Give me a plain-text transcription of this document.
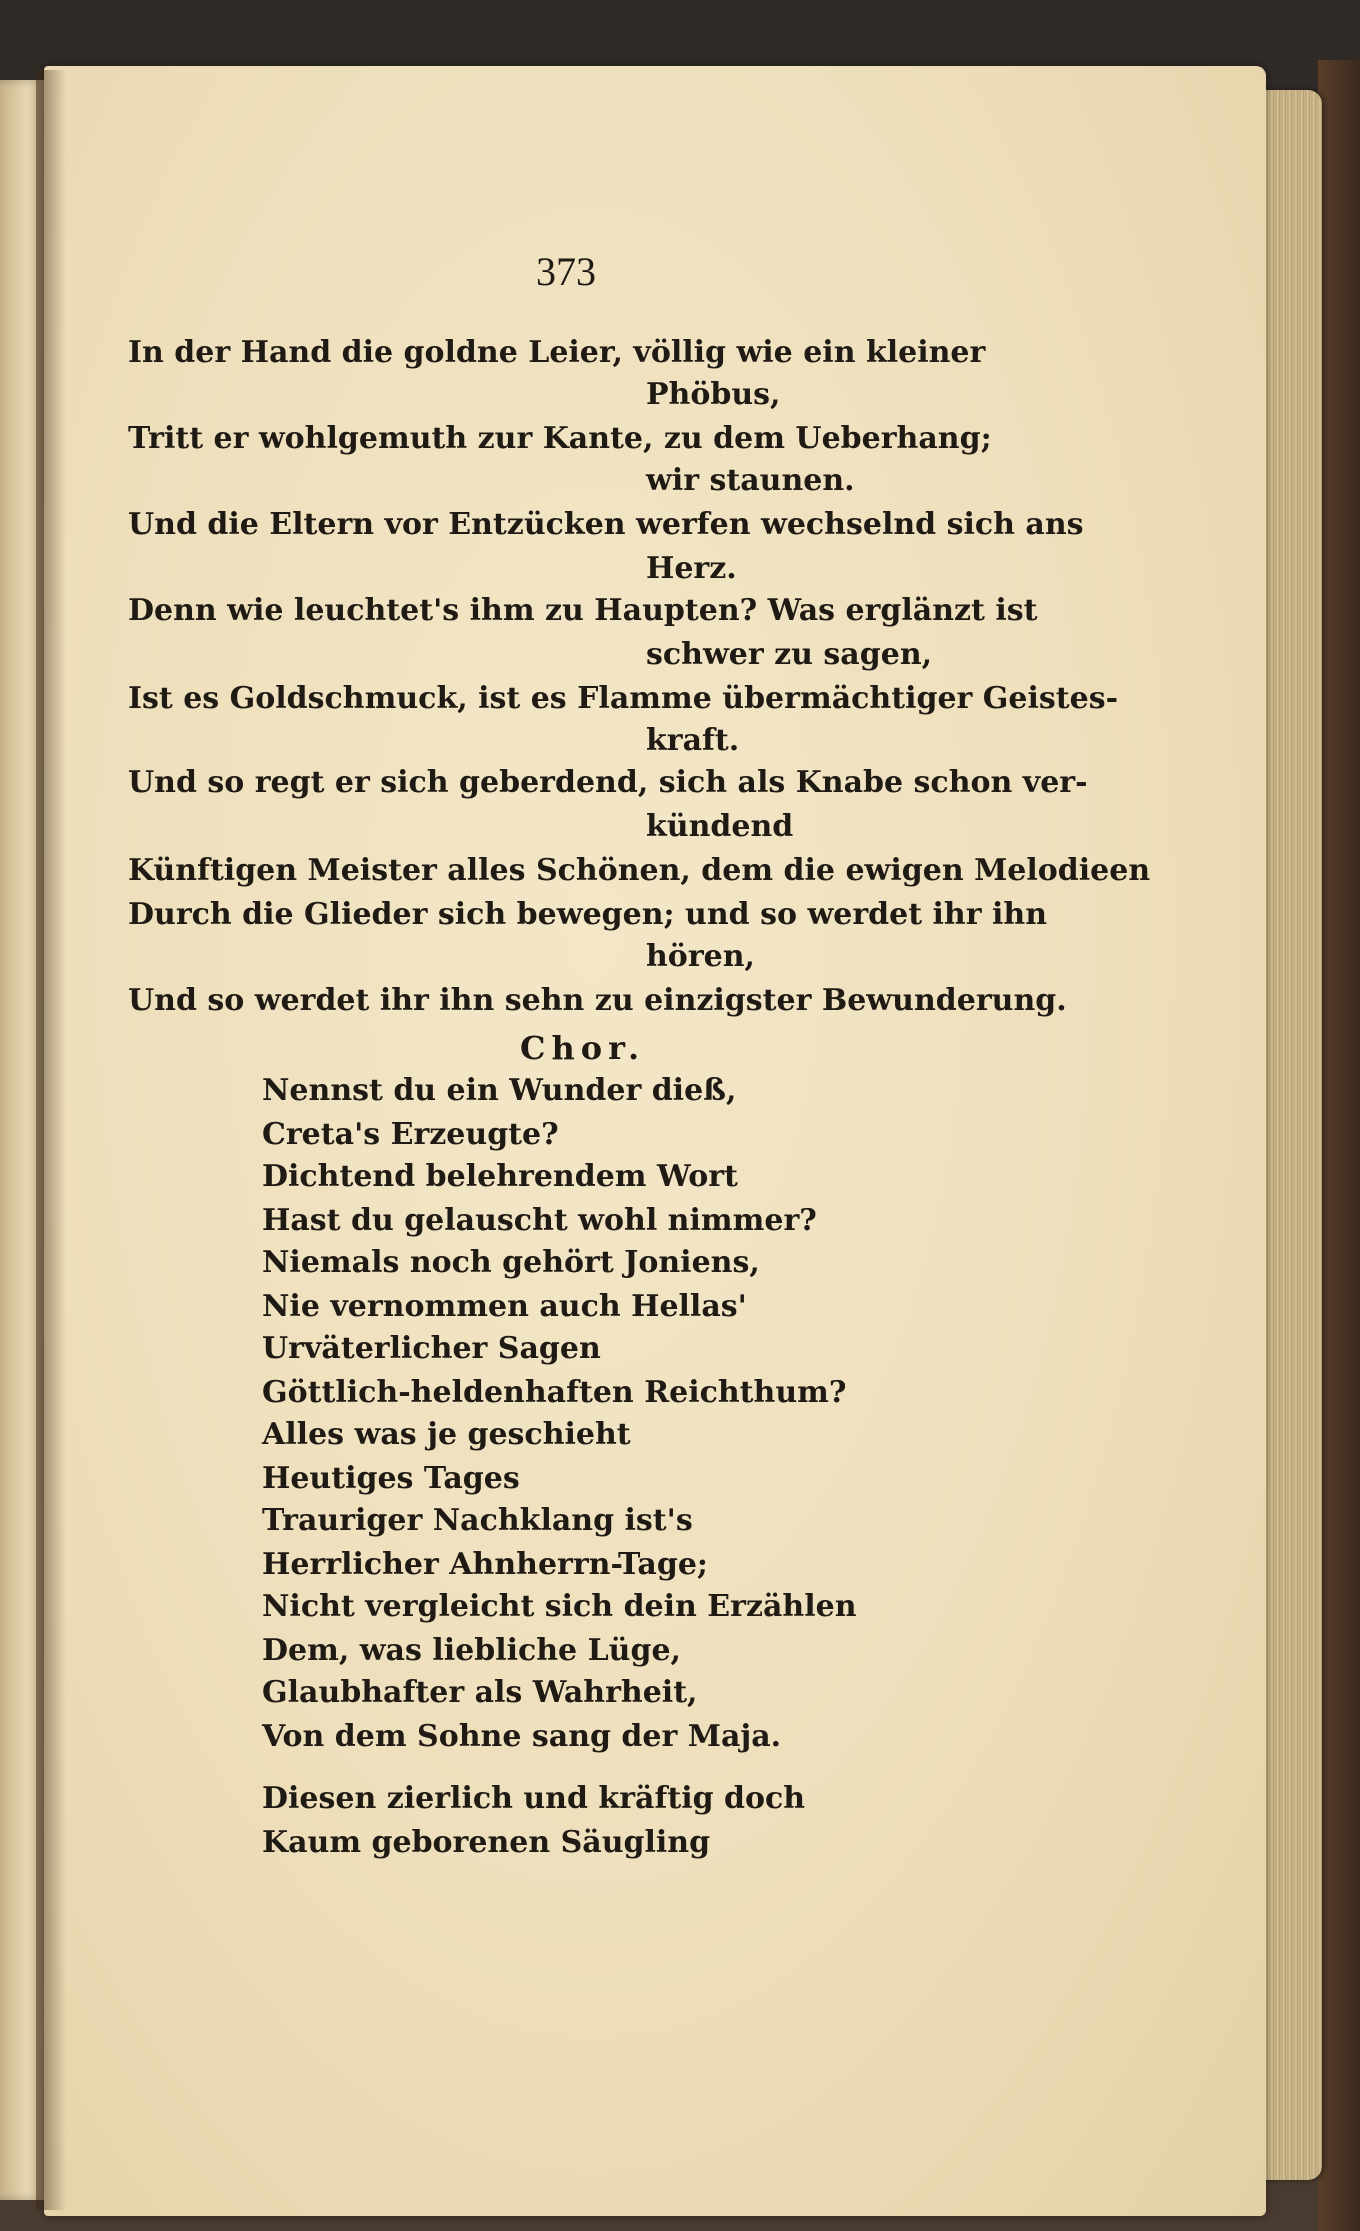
373
In der Hand die goldne Leier, völlig wie ein kleiner
Phöbus,
Tritt er wohlgemuth zur Kante, zu dem Ueberhang;
wir staunen.
Und die Eltern vor Entzücken werfen wechselnd sich ans
Herz.
Denn wie leuchtet's ihm zu Haupten? Was erglänzt ist
schwer zu sagen,
Ist es Goldschmuck, ist es Flamme übermächtiger Geistes-
kraft.
Und so regt er sich geberdend, sich als Knabe schon ver-
kündend
Künftigen Meister alles Schönen, dem die ewigen Melodieen
Durch die Glieder sich bewegen; und so werdet ihr ihn
hören,
Und so werdet ihr ihn sehn zu einzigster Bewunderung.
Chor.
Nennst du ein Wunder dieß,
Creta's Erzeugte?
Dichtend belehrendem Wort
Hast du gelauscht wohl nimmer?
Niemals noch gehört Joniens,
Nie vernommen auch Hellas'
Urväterlicher Sagen
Göttlich-heldenhaften Reichthum?
Alles was je geschieht
Heutiges Tages
Trauriger Nachklang ist's
Herrlicher Ahnherrn-Tage;
Nicht vergleicht sich dein Erzählen
Dem, was liebliche Lüge,
Glaubhafter als Wahrheit,
Von dem Sohne sang der Maja.
Diesen zierlich und kräftig doch
Kaum geborenen Säugling
